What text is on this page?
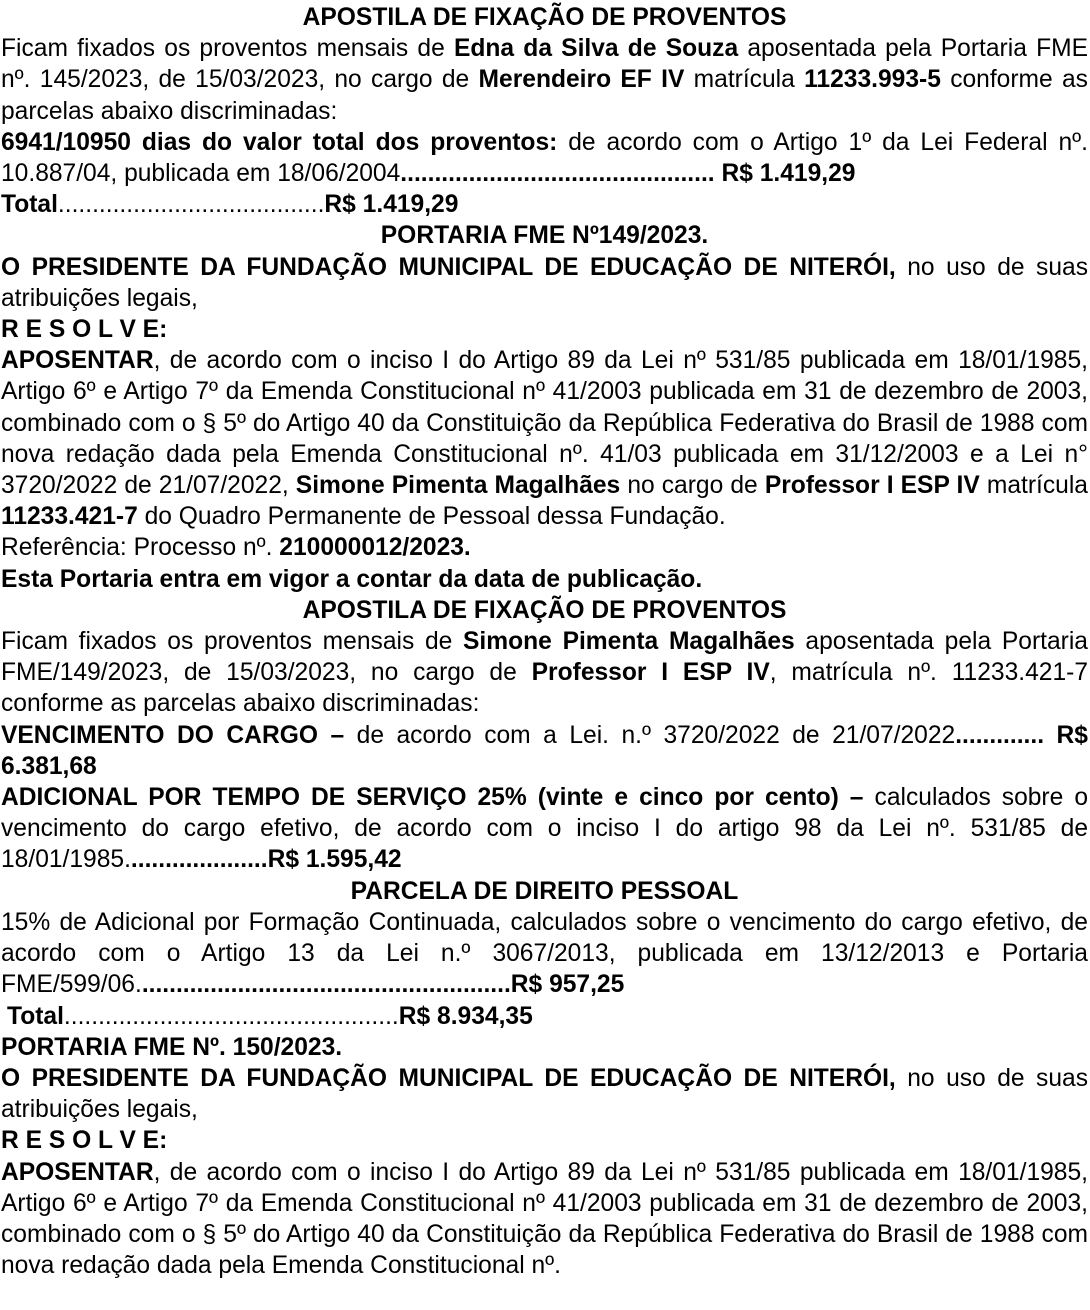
APOSTILA DE FIXAÇÃO DE PROVENTOS

Ficam fixados os proventos mensais de Edna da Silva de Souza aposentada pela Portaria FME nº. 145/2023, de 15/03/2023, no cargo de Merendeiro EF IV matrícula 11233.993-5 conforme as parcelas abaixo discriminadas:

6941/10950 dias do valor total dos proventos: de acordo com o Artigo 1º da Lei Federal nº. 10.887/04, publicada em 18/06/2004.............................................. R$ 1.419,29

Total.......................................R$ 1.419,29

PORTARIA FME Nº149/2023.

O PRESIDENTE DA FUNDAÇÃO MUNICIPAL DE EDUCAÇÃO DE NITERÓI, no uso de suas atribuições legais,

R E S O L V E:

APOSENTAR, de acordo com o inciso I do Artigo 89 da Lei nº 531/85 publicada em 18/01/1985, Artigo 6º e Artigo 7º da Emenda Constitucional nº 41/2003 publicada em 31 de dezembro de 2003, combinado com o § 5º do Artigo 40 da Constituição da República Federativa do Brasil de 1988 com nova redação dada pela Emenda Constitucional nº. 41/03 publicada em 31/12/2003 e a Lei n° 3720/2022 de 21/07/2022, Simone Pimenta Magalhães no cargo de Professor I ESP IV matrícula 11233.421-7 do Quadro Permanente de Pessoal dessa Fundação.

Referência: Processo nº. 210000012/2023.

Esta Portaria entra em vigor a contar da data de publicação.

APOSTILA DE FIXAÇÃO DE PROVENTOS

Ficam fixados os proventos mensais de Simone Pimenta Magalhães aposentada pela Portaria FME/149/2023, de 15/03/2023, no cargo de Professor I ESP IV, matrícula nº. 11233.421-7 conforme as parcelas abaixo discriminadas:

VENCIMENTO DO CARGO – de acordo com a Lei. n.º 3720/2022 de 21/07/2022............. R$ 6.381,68

ADICIONAL POR TEMPO DE SERVIÇO 25% (vinte e cinco por cento) – calculados sobre o vencimento do cargo efetivo, de acordo com o inciso I do artigo 98 da Lei nº. 531/85 de 18/01/1985.....................R$ 1.595,42

PARCELA DE DIREITO PESSOAL

15% de Adicional por Formação Continuada, calculados sobre o vencimento do cargo efetivo, de acordo com o Artigo 13 da Lei n.º 3067/2013, publicada em 13/12/2013 e Portaria FME/599/06.......................................................R$ 957,25

Total.................................................R$ 8.934,35

PORTARIA FME Nº. 150/2023.

O PRESIDENTE DA FUNDAÇÃO MUNICIPAL DE EDUCAÇÃO DE NITERÓI, no uso de suas atribuições legais,

R E S O L V E:

APOSENTAR, de acordo com o inciso I do Artigo 89 da Lei nº 531/85 publicada em 18/01/1985, Artigo 6º e Artigo 7º da Emenda Constitucional nº 41/2003 publicada em 31 de dezembro de 2003, combinado com o § 5º do Artigo 40 da Constituição da República Federativa do Brasil de 1988 com nova redação dada pela Emenda Constitucional nº.
